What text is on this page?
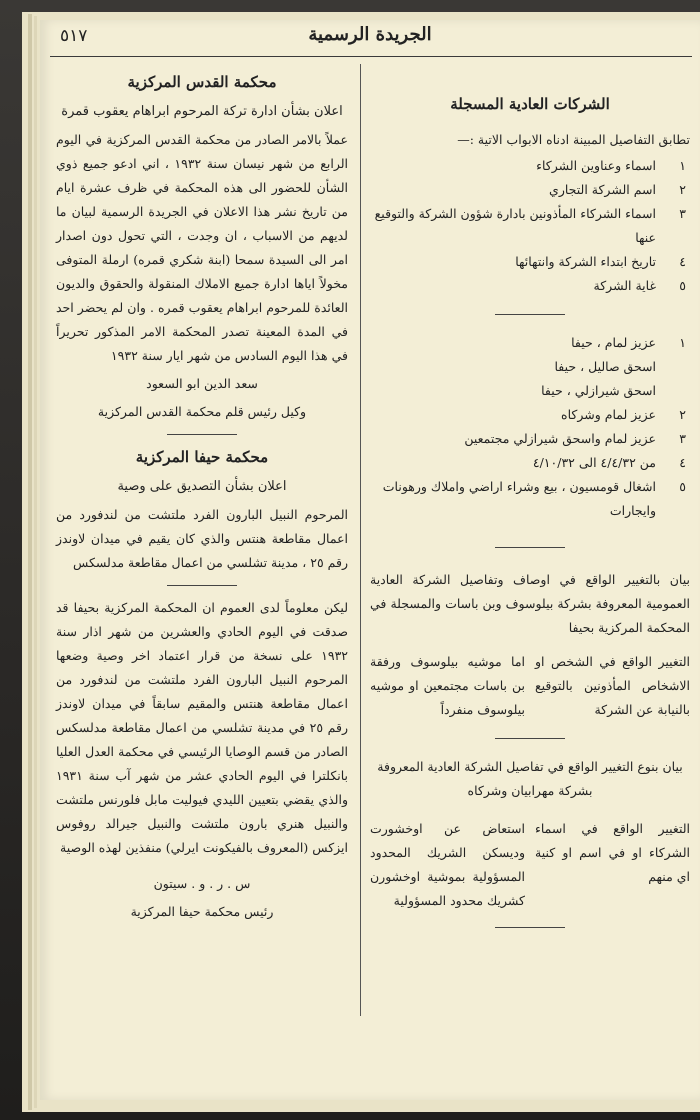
٥١٧	الجريدة الرسمية
محكمة القدس المركزية
اعلان بشأن ادارة تركة المرحوم ابراهام يعقوب قمرة

عملاً بالامر الصادر من محكمة القدس المركزية في اليوم الرابع من شهر نيسان سنة ١٩٣٢ ، اني ادعو جميع ذوي الشأن للحضور الى هذه المحكمة في ظرف عشرة ايام من تاريخ نشر هذا الاعلان في الجريدة الرسمية لبيان ما لديهم من الاسباب ، ان وجدت ، التي تحول دون اصدار امر الى السيدة سمحا (ابنة شكري قمره) ارملة المتوفى مخولاً اياها ادارة جميع الاملاك المنقولة والحقوق والديون العائدة للمرحوم ابراهام يعقوب قمره . وان لم يحضر احد في المدة المعينة تصدر المحكمة الامر المذكور تحريراً في هذا اليوم السادس من شهر ايار سنة ١٩٣٢

سعد الدين ابو السعود
وكيل رئيس قلم محكمة القدس المركزية
محكمة حيفا المركزية
اعلان بشأن التصديق على وصية

المرحوم النبيل البارون الفرد ملتشت من لندفورد من اعمال مقاطعة هنتس والذي كان يقيم في ميدان لاوندز رقم ٢٥ ، مدينة تشلسي من اعمال مقاطعة مدلسكس

ليكن معلوماً لدى العموم ان المحكمة المركزية بحيفا قد صدقت في اليوم الحادي والعشرين من شهر اذار سنة ١٩٣٢ على نسخة من قرار اعتماد اخر وصية وضعها المرحوم النبيل البارون الفرد ملتشت من لندفورد من اعمال مقاطعة هنتس والمقيم سابقاً في ميدان لاوندز رقم ٢٥ في مدينة تشلسي من اعمال مقاطعة مدلسكس الصادر من قسم الوصايا الرئيسي في محكمة العدل العليا بانكلترا في اليوم الحادي عشر من شهر آب سنة ١٩٣١ والذي يقضي بتعيين الليدي فيوليت مابل فلورنس ملتشت والنبيل هنري بارون ملتشت والنبيل جيرالد روفوس ايزكس (المعروف بالفيكونت ايرلي) منفذين لهذه الوصية

س . ر . و . سيتون
رئيس محكمة حيفا المركزية
الشركات العادية المسجلة
تطابق التفاصيل المبينة ادناه الابواب الاتية :—
١
اسماء وعناوين الشركاء
٢
اسم الشركة التجاري
٣
اسماء الشركاء المأذونين بادارة شؤون الشركة والتوقيع عنها
٤
تاريخ ابتداء الشركة وانتهائها
٥
غاية الشركة
١
عزيز لمام ، حيفا
اسحق صاليل ، حيفا
اسحق شيرازلي ، حيفا
٢
عزيز لمام وشركاه
٣
عزيز لمام واسحق شيرازلي مجتمعين
٤
من ٤/٤/٣٢ الى ٤/١٠/٣٢
٥
اشغال قومسيون ، بيع وشراء اراضي واملاك ورهونات وايجارات

بيان بالتغيير الواقع في اوصاف وتفاصيل الشركة العادية العمومية المعروفة بشركة بيلوسوف وبن باسات والمسجلة في المحكمة المركزية بحيفا

التغيير الواقع في الشخص او الاشخاص المأذونين بالتوقيع بالنيابة عن الشركة
اما موشيه بيلوسوف ورفقة بن باسات مجتمعين او موشيه بيلوسوف منفرداً

بيان بنوع التغيير الواقع في تفاصيل الشركة العادية المعروفة بشركة مهرابيان وشركاه

التغيير الواقع في اسماء الشركاء او في اسم او كنية اي منهم
استعاض عن اوخشورت وديسكن الشريك المحدود المسؤولية بموشية اوخشورن كشريك محدود المسؤولية
